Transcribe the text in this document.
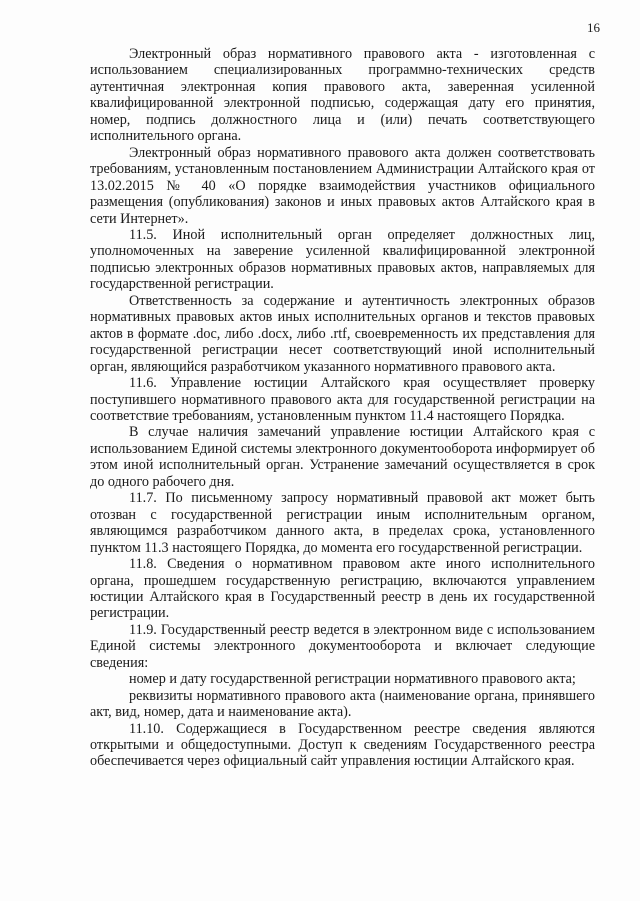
16

Электронный образ нормативного правового акта - изготовленная с использованием специализированных программно-технических средств аутентичная электронная копия правового акта, заверенная усиленной квалифицированной электронной подписью, содержащая дату его принятия, номер, подпись должностного лица и (или) печать соответствующего исполнительного органа.

Электронный образ нормативного правового акта должен соответствовать требованиям, установленным постановлением Администрации Алтайского края от 13.02.2015 № 40 «О порядке взаимодействия участников официального размещения (опубликования) законов и иных правовых актов Алтайского края в сети Интернет».

11.5. Иной исполнительный орган определяет должностных лиц, уполномоченных на заверение усиленной квалифицированной электронной подписью электронных образов нормативных правовых актов, направляемых для государственной регистрации.

Ответственность за содержание и аутентичность электронных образов нормативных правовых актов иных исполнительных органов и текстов правовых актов в формате .doc, либо .docx, либо .rtf, своевременность их представления для государственной регистрации несет соответствующий иной исполнительный орган, являющийся разработчиком указанного нормативного правового акта.

11.6. Управление юстиции Алтайского края осуществляет проверку поступившего нормативного правового акта для государственной регистрации на соответствие требованиям, установленным пунктом 11.4 настоящего Порядка.

В случае наличия замечаний управление юстиции Алтайского края с использованием Единой системы электронного документооборота информирует об этом иной исполнительный орган. Устранение замечаний осуществляется в срок до одного рабочего дня.

11.7. По письменному запросу нормативный правовой акт может быть отозван с государственной регистрации иным исполнительным органом, являющимся разработчиком данного акта, в пределах срока, установленного пунктом 11.3 настоящего Порядка, до момента его государственной регистрации.

11.8. Сведения о нормативном правовом акте иного исполнительного органа, прошедшем государственную регистрацию, включаются управлением юстиции Алтайского края в Государственный реестр в день их государственной регистрации.

11.9. Государственный реестр ведется в электронном виде с использованием Единой системы электронного документооборота и включает следующие сведения:

номер и дату государственной регистрации нормативного правового акта;

реквизиты нормативного правового акта (наименование органа, принявшего акт, вид, номер, дата и наименование акта).

11.10. Содержащиеся в Государственном реестре сведения являются открытыми и общедоступными. Доступ к сведениям Государственного реестра обеспечивается через официальный сайт управления юстиции Алтайского края.
